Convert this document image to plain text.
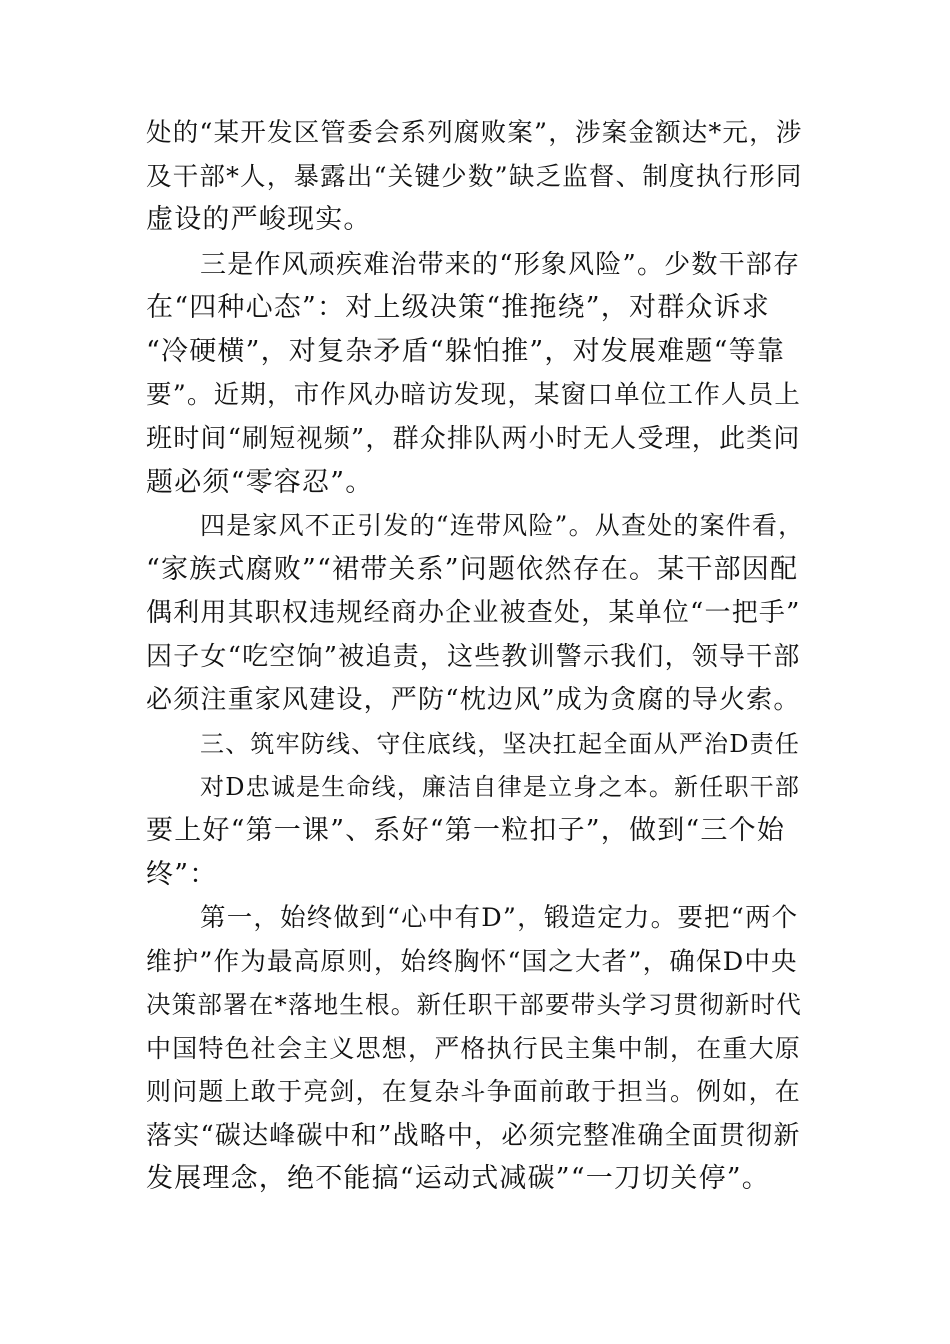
处的“某开发区管委会系列腐败案”，涉案金额达*元，涉
及干部*人，暴露出“关键少数”缺乏监督、制度执行形同
虚设的严峻现实。
三是作风顽疾难治带来的“形象风险”。少数干部存
在“四种心态”：对上级决策“推拖绕”，对群众诉求
“冷硬横”，对复杂矛盾“躲怕推”，对发展难题“等靠
要”。近期，市作风办暗访发现，某窗口单位工作人员上
班时间“刷短视频”，群众排队两小时无人受理，此类问
题必须“零容忍”。
四是家风不正引发的“连带风险”。从查处的案件看，
“家族式腐败”“裙带关系”问题依然存在。某干部因配
偶利用其职权违规经商办企业被查处，某单位“一把手”
因子女“吃空饷”被追责，这些教训警示我们，领导干部
必须注重家风建设，严防“枕边风”成为贪腐的导火索。
三、筑牢防线、守住底线，坚决扛起全面从严治D责任
对D忠诚是生命线，廉洁自律是立身之本。新任职干部
要上好“第一课”、系好“第一粒扣子”，做到“三个始
终”：
第一，始终做到“心中有D”，锻造定力。要把“两个
维护”作为最高原则，始终胸怀“国之大者”，确保D中央
决策部署在*落地生根。新任职干部要带头学习贯彻新时代
中国特色社会主义思想，严格执行民主集中制，在重大原
则问题上敢于亮剑，在复杂斗争面前敢于担当。例如，在
落实“碳达峰碳中和”战略中，必须完整准确全面贯彻新
发展理念，绝不能搞“运动式减碳”“一刀切关停”。
